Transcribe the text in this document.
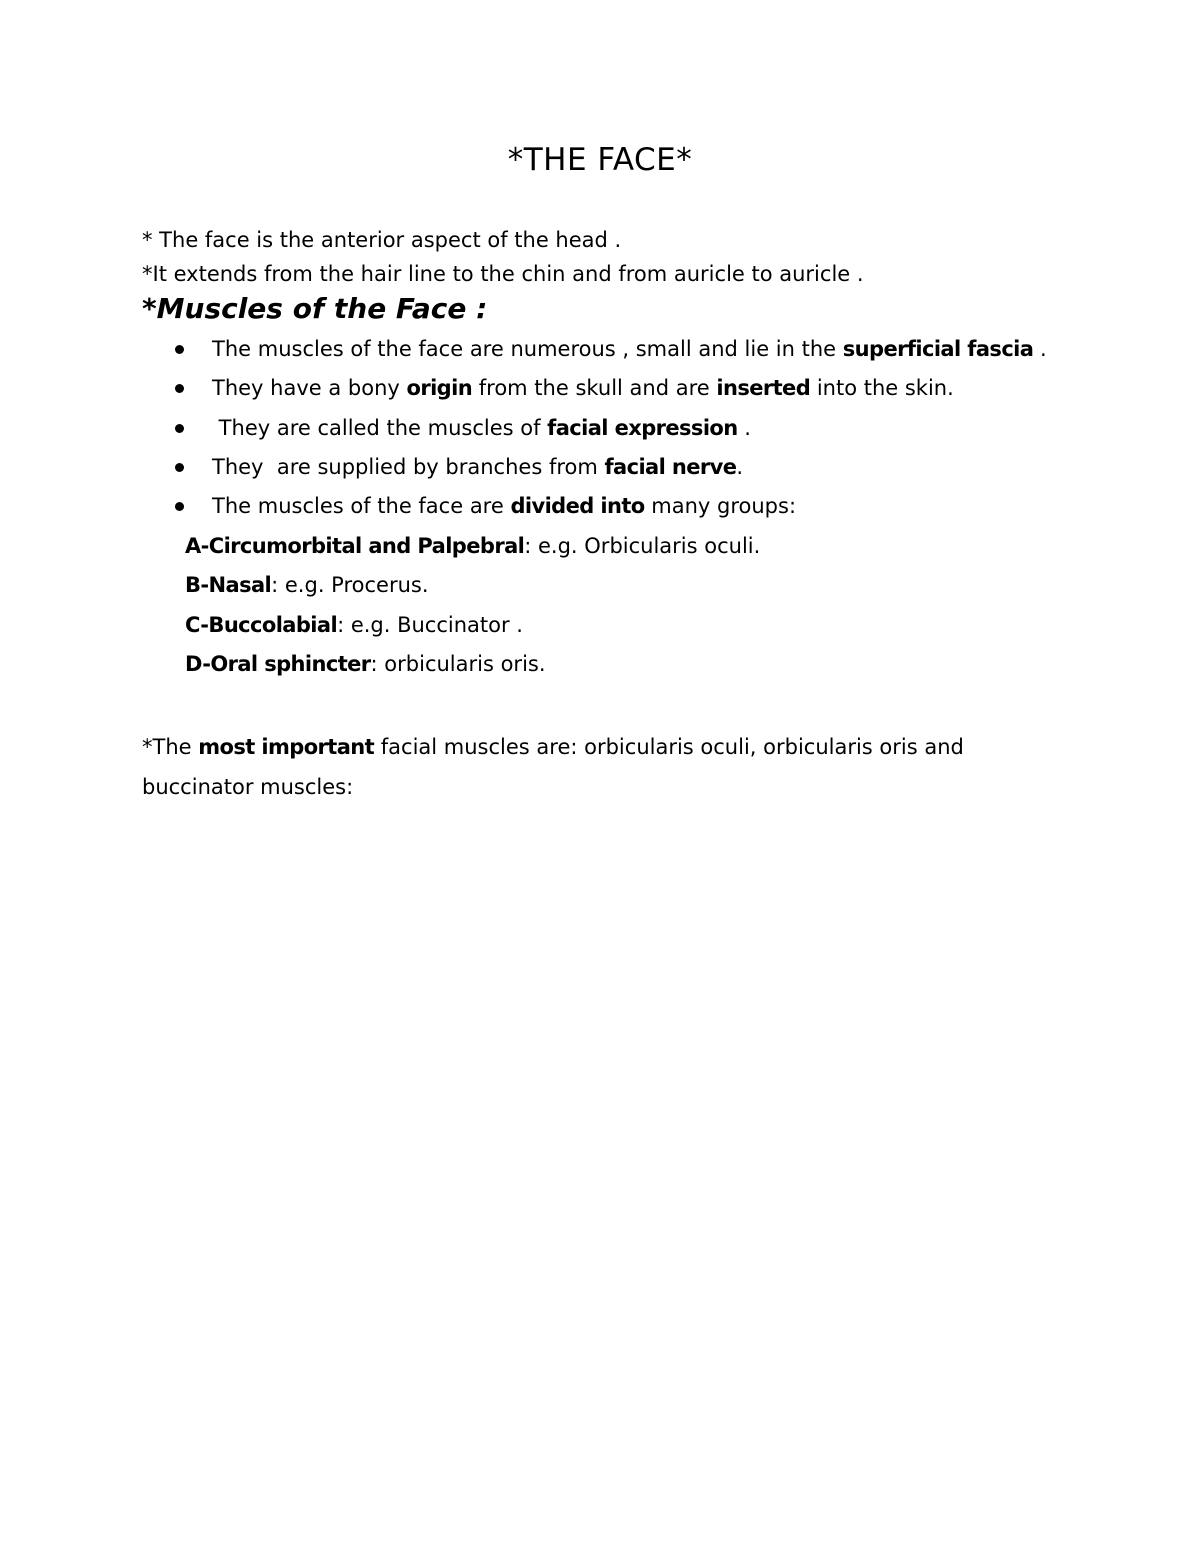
*THE FACE*
* The face is the anterior aspect of the head .
*It extends from the hair line to the chin and from auricle to auricle .
*Muscles of the Face :
The muscles of the face are numerous , small and lie in the superficial fascia .
They have a bony origin from the skull and are inserted into the skin.
They are called the muscles of facial expression .
They  are supplied by branches from facial nerve.
The muscles of the face are divided into many groups:
A-Circumorbital and Palpebral: e.g. Orbicularis oculi.
B-Nasal: e.g. Procerus.
C-Buccolabial: e.g. Buccinator .
D-Oral sphincter: orbicularis oris.
*The most important facial muscles are: orbicularis oculi, orbicularis oris and buccinator muscles:
